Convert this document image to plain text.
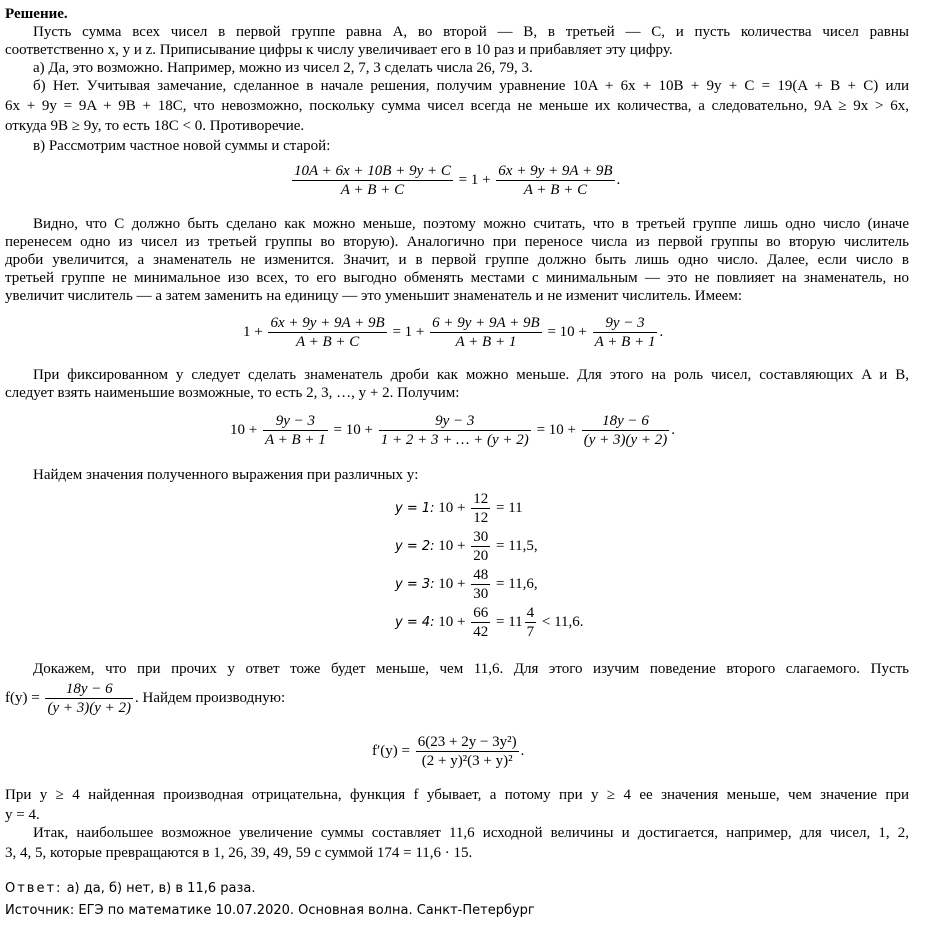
Решение.
Пусть сумма всех чисел в первой группе равна A, во второй — B, в третьей — C, и пусть количества чисел равны
соответственно x, y и z. Приписывание цифры к числу увеличивает его в 10 раз и прибавляет эту цифру.
а) Да, это возможно. Например, можно из чисел 2, 7, 3 сделать числа 26, 79, 3.
б) Нет. Учитывая замечание, сделанное в начале решения, получим уравнение 10A + 6x + 10B + 9y + C = 19(A + B + C) или
6x + 9y = 9A + 9B + 18C, что невозможно, поскольку сумма чисел всегда не меньше их количества, а следовательно, 9A ≥ 9x > 6x,
откуда 9B ≥ 9y, то есть 18C < 0. Противоречие.
в) Рассмотрим частное новой суммы и старой:
$\frac{10A + 6x + 10B + 9y + C}{A + B + C} = 1 + \frac{6x + 9y + 9A + 9B}{A + B + C}$ .
Видно, что C должно быть сделано как можно меньше, поэтому можно считать, что в третьей группе лишь одно число (иначе
перенесем одно из чисел из третьей группы во вторую). Аналогично при переносе числа из первой группы во вторую числитель
дроби увеличится, а знаменатель не изменится. Значит, и в первой группе должно быть лишь одно число. Далее, если число в
третьей группе не минимальное изо всех, то его выгодно обменять местами с минимальным — это не повлияет на знаменатель, но
увеличит числитель — а затем заменить на единицу — это уменьшит знаменатель и не изменит числитель. Имеем:
$1 + \frac{6x + 9y + 9A + 9B}{A + B + C} = 1 + \frac{6 + 9y + 9A + 9B}{A + B + 1} = 10 + \frac{9y - 3}{A + B + 1}$ .
При фиксированном y следует сделать знаменатель дроби как можно меньше. Для этого на роль чисел, составляющих A и B,
следует взять наименьшие возможные, то есть 2, 3, …, y + 2. Получим:
$10 + \frac{9y - 3}{A + B + 1} = 10 + \frac{9y - 3}{1 + 2 + 3 + \dots + (y + 2)} = 10 + \frac{18y - 6}{(y + 3)(y + 2)}$ .
Найдем значения полученного выражения при различных y:
y = 1: $10 + \frac{12}{12} = 11$
y = 2: $10 + \frac{30}{20} = 11,5$,
y = 3: $10 + \frac{48}{30} = 11,6$,
y = 4: $10 + \frac{66}{42} = 11 \frac{4}{7} < 11,6$.
Докажем, что при прочих y ответ тоже будет меньше, чем 11,6. Для этого изучим поведение второго слагаемого. Пусть
$f(y) = \frac{18y - 6}{(y + 3)(y + 2)}$ . Найдем производную:
$f'(y) = \frac{\text{6(23 + 2y − 3y²)}}{\text{(2 + y)²(3 + y)²}}$ .
При y ≥ 4 найденная производная отрицательна, функция f убывает, а потому при y ≥ 4 ее значения меньше, чем значение при
y = 4.
Итак, наибольшее возможное увеличение суммы составляет 11,6 исходной величины и достигается, например, для чисел, 1, 2,
3, 4, 5, которые превращаются в 1, 26, 39, 49, 59 с суммой 174 = 11,6 · 15.
Ответ: а) да, б) нет, в) в 11,6 раза.
Источник: ЕГЭ по математике 10.07.2020. Основная волна. Санкт-Петербург
